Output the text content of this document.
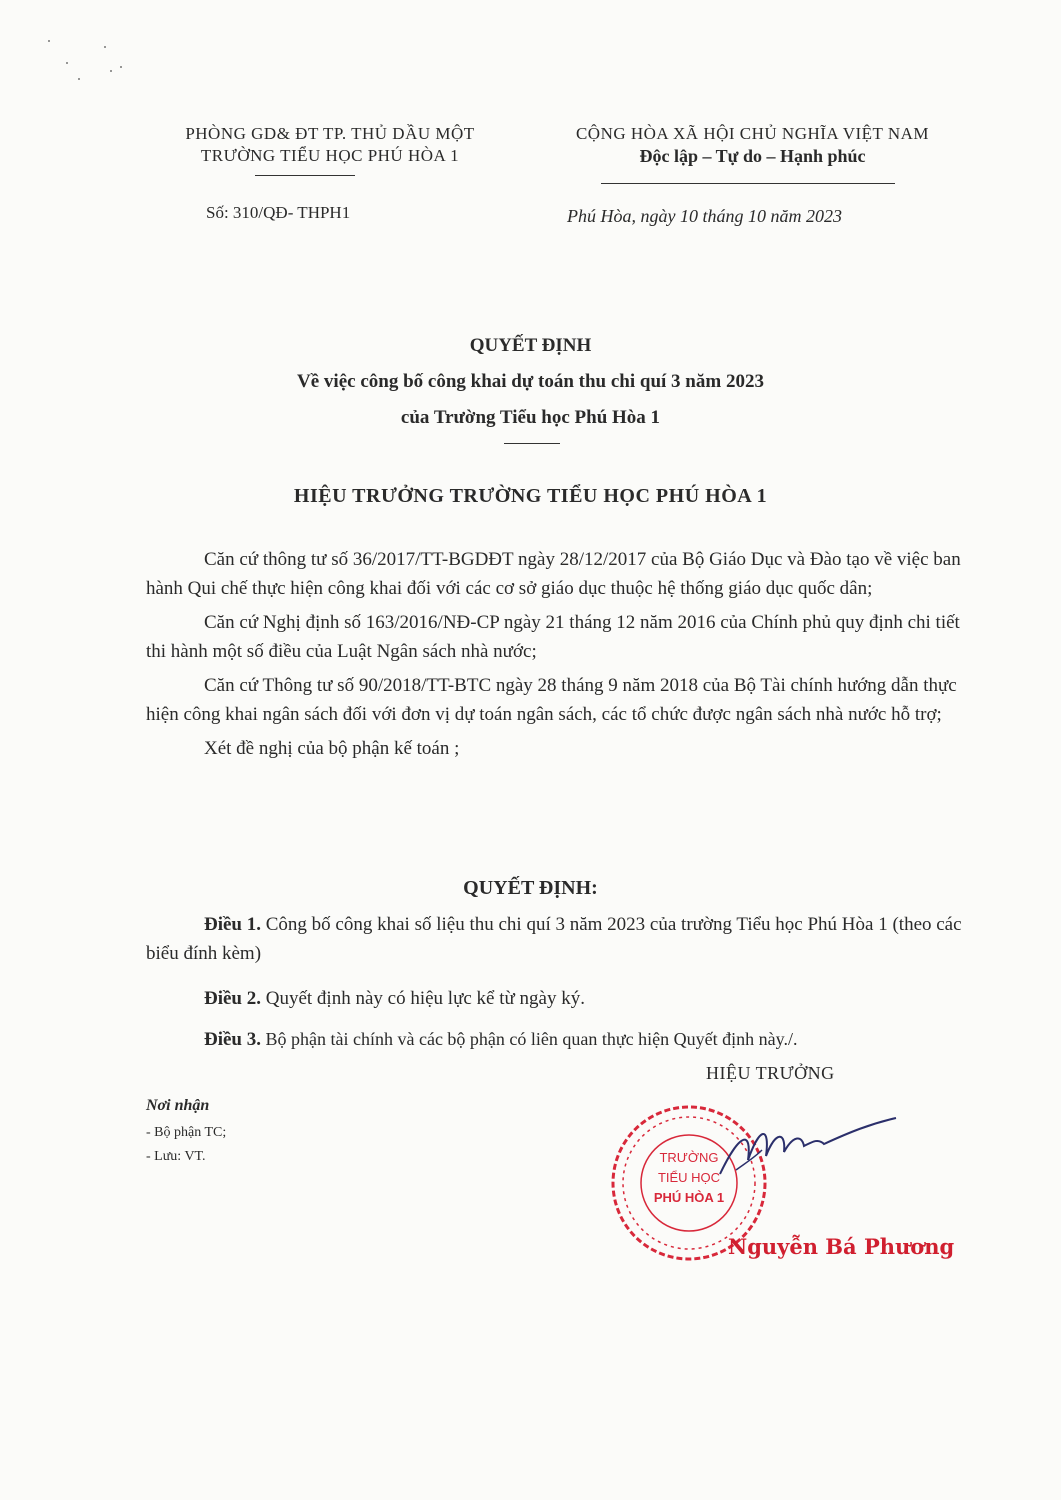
PHÒNG GD& ĐT TP. THỦ DẦU MỘT
TRƯỜNG TIỂU HỌC PHÚ HÒA 1
CỘNG HÒA XÃ HỘI CHỦ NGHĨA VIỆT NAM
Độc lập – Tự do – Hạnh phúc
Số: 310/QĐ- THPH1	Phú Hòa, ngày 10 tháng 10 năm 2023
QUYẾT ĐỊNH
Về việc công bố công khai dự toán thu chi quí 3 năm 2023
của Trường Tiểu học Phú Hòa 1
HIỆU TRƯỞNG TRƯỜNG TIỂU HỌC PHÚ HÒA 1
Căn cứ thông tư số 36/2017/TT-BGDĐT ngày 28/12/2017 của Bộ Giáo Dục và Đào tạo về việc ban hành Qui chế thực hiện công khai đối với các cơ sở giáo dục thuộc hệ thống giáo dục quốc dân;
Căn cứ Nghị định số 163/2016/NĐ-CP ngày 21 tháng 12 năm 2016 của Chính phủ quy định chi tiết thi hành một số điều của Luật Ngân sách nhà nước;
Căn cứ Thông tư số 90/2018/TT-BTC ngày 28 tháng 9 năm 2018 của Bộ Tài chính hướng dẫn thực hiện công khai ngân sách đối với đơn vị dự toán ngân sách, các tổ chức được ngân sách nhà nước hỗ trợ;
Xét đề nghị của bộ phận kế toán ;
QUYẾT ĐỊNH:
Điều 1. Công bố công khai số liệu thu chi quí 3 năm 2023 của trường Tiểu học Phú Hòa 1 (theo các biểu đính kèm)
Điều 2. Quyết định này có hiệu lực kể từ ngày ký.
Điều 3. Bộ phận tài chính và các bộ phận có liên quan thực hiện Quyết định này./.
HIỆU TRƯỞNG
Nơi nhận
- Bộ phận TC;
- Lưu: VT.	TRƯỜNG
TIỂU HỌC
PHÚ HÒA 1
Nguyễn Bá Phương
